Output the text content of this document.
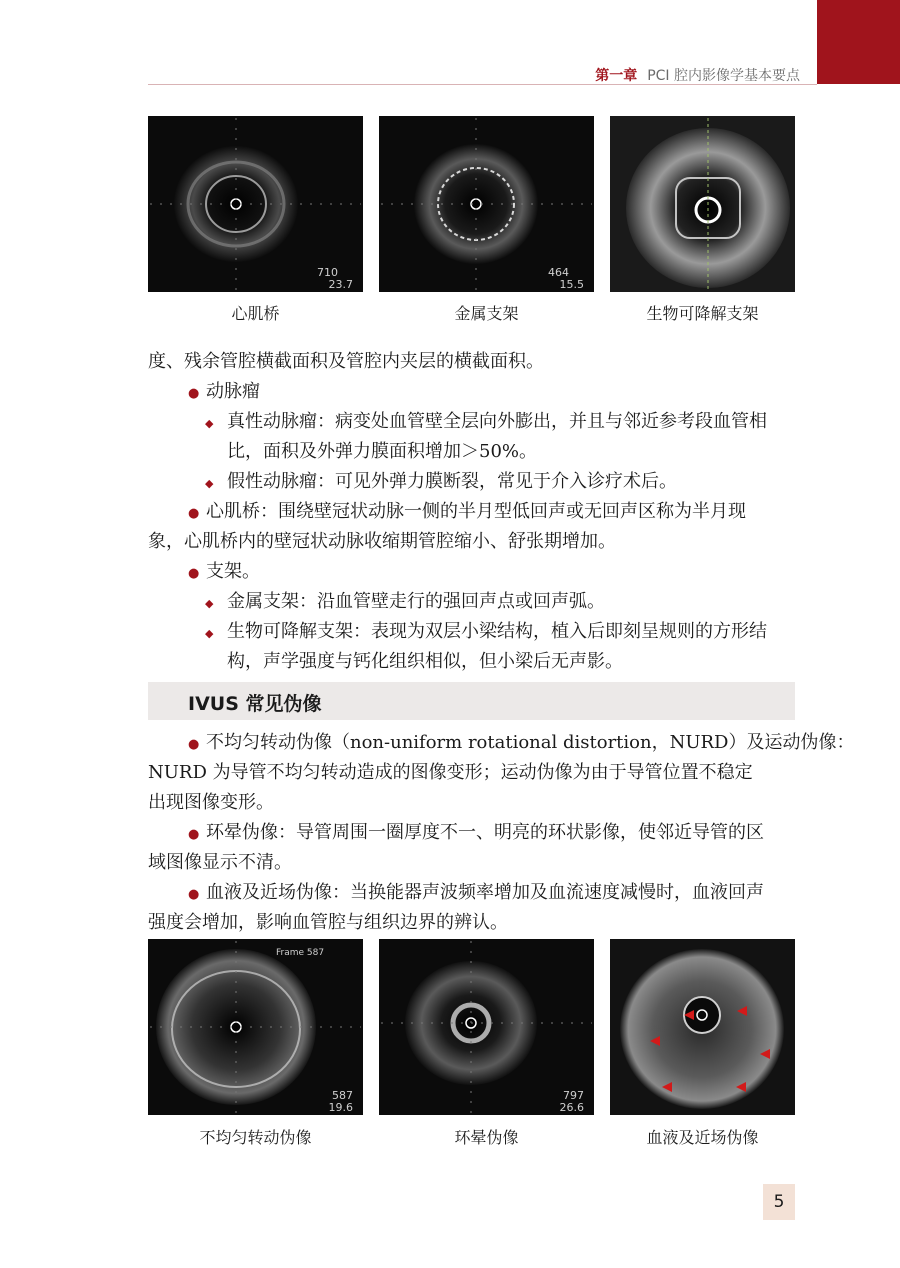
第一章 PCI 腔内影像学基本要点
710
23.7
464
15.5
心肌桥	金属支架	生物可降解支架
度、残余管腔横截面积及管腔内夹层的横截面积。
● 动脉瘤
◆ 真性动脉瘤：病变处血管壁全层向外膨出，并且与邻近参考段血管相
比，面积及外弹力膜面积增加＞50%。
◆ 假性动脉瘤：可见外弹力膜断裂，常见于介入诊疗术后。
● 心肌桥：围绕壁冠状动脉一侧的半月型低回声或无回声区称为半月现
象，心肌桥内的壁冠状动脉收缩期管腔缩小、舒张期增加。
● 支架。
◆ 金属支架：沿血管壁走行的强回声点或回声弧。
◆ 生物可降解支架：表现为双层小梁结构，植入后即刻呈规则的方形结
构，声学强度与钙化组织相似，但小梁后无声影。
IVUS 常见伪像
● 不均匀转动伪像（non-uniform rotational distortion，NURD）及运动伪像：
NURD 为导管不均匀转动造成的图像变形；运动伪像为由于导管位置不稳定
出现图像变形。
● 环晕伪像：导管周围一圈厚度不一、明亮的环状影像，使邻近导管的区
域图像显示不清。
● 血液及近场伪像：当换能器声波频率增加及血流速度减慢时，血液回声
强度会增加，影响血管腔与组织边界的辨认。
Frame 587
587
19.6
797
26.6
不均匀转动伪像	环晕伪像	血液及近场伪像
5
